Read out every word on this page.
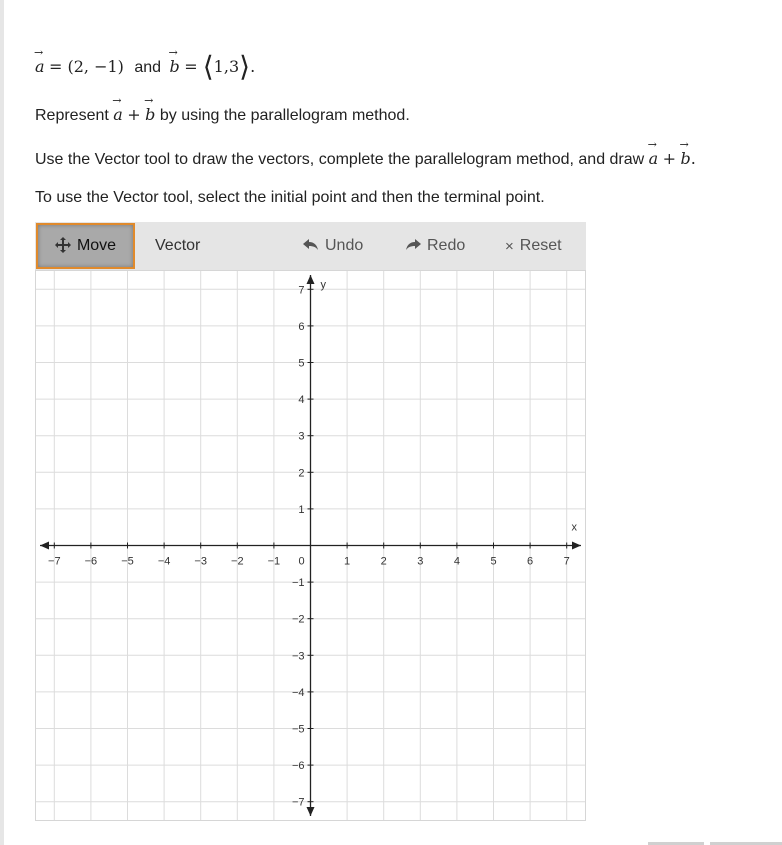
→ a = (2, −1) and → b = ⟨1,3⟩.
Represent → a + → b by using the parallelogram method.
Use the Vector tool to draw the vectors, complete the parallelogram method, and draw → a + → b.
To use the Vector tool, select the initial point and then the terminal point.
Move Vector	Undo	Redo	× Reset
x
y
−7 −6 −5 −4 −3 −2 −1	1	2	3	4	5	6	7
7
6
5
4
3
2
1
−1
−2
−3
−4
−5
−6
−7
0
